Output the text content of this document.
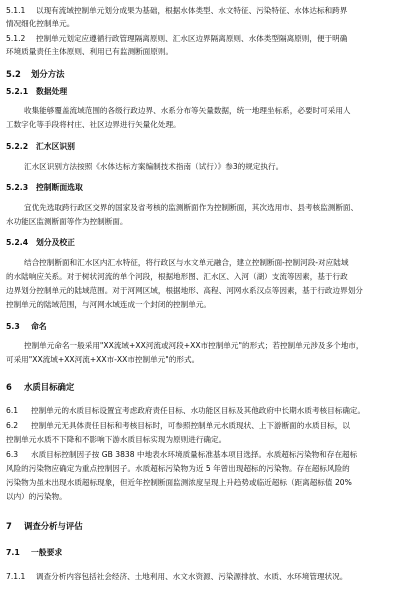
5.1.1 以现有流域控制单元划分成果为基础，根据水体类型、水文特征、污染特征、水体达标和跨界

情况细化控制单元。

5.1.2 控制单元划定应遵循行政管理隔离原则、汇水区边界隔离原则、水体类型隔离原则，便于明确

环境质量责任主体原则、利用已有监测断面原则。

5.2 划分方法

5.2.1 数据处理

收集能够覆盖流域范围的各级行政边界、水系分布等矢量数据，统一地理坐标系，必要时可采用人

工数字化等手段将村庄、社区边界进行矢量化处理。

5.2.2 汇水区识别

汇水区识别方法按照《水体达标方案编制技术指南（试行）》参3的规定执行。

5.2.3 控制断面选取

宜优先选取跨行政区交界的国家及省考核的监测断面作为控制断面，其次选用市、县考核监测断面、

水功能区监测断面等作为控制断面。

5.2.4 划分及校正

结合控制断面和汇水区内汇水特征，将行政区与水文单元融合，建立控制断面-控制河段-对应陆域

的水陆响应关系。对于树状河流的单个河段，根据地形图、汇水区、入河（湖）支流等因素，基于行政

边界划分控制单元的陆域范围。对于河网区域，根据地形、高程、河网水系汉点等因素，基于行政边界划分

控制单元的陆域范围，与河网水域连成一个封闭的控制单元。

5.3 命名

控制单元命名一般采用"XX流域+XX河流或河段+XX市控制单元"的形式；若控制单元涉及多个地市，

可采用"XX流域+XX河流+XX市-XX市控制单元"的形式。

6 水质目标确定

6.1 控制单元的水质目标设置宜考虑政府责任目标、水功能区目标及其他政府中长期水质考核目标确定。

6.2 控制单元无具体责任目标和考核目标时，可参照控制单元水质现状、上下游断面的水质目标，以

控制单元水质不下降和不影响下游水质目标实现为原则进行确定。

6.3 水质目标控制因子按 GB 3838 中地表水环境质量标准基本项目选择。水质超标污染物和存在超标

风险的污染物应确定为重点控制因子。水质超标污染物为近 5 年曾出现超标的污染物。存在超标风险的

污染物为虽未出现水质超标现象，但近年控制断面监测浓度呈现上升趋势或临近超标（距离超标值 20%

以内）的污染物。

7 调查分析与评估

7.1 一般要求

7.1.1 调查分析内容包括社会经济、土地利用、水文水资源、污染源排放、水质、水环境管理状况。
